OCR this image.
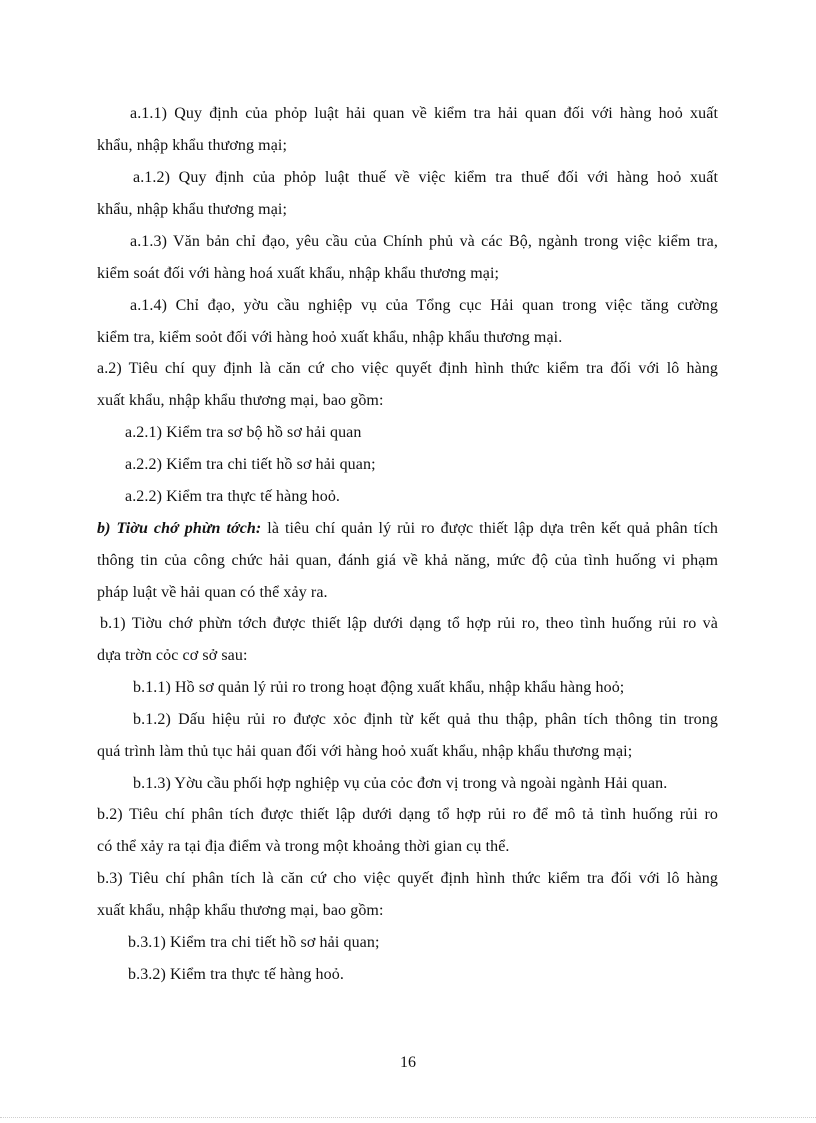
a.1.1) Quy định của phỏp luật hải quan về kiểm tra hải quan đối với hàng hoỏ xuất
khẩu, nhập khẩu thương mại;
a.1.2) Quy định của phỏp luật thuế về việc kiểm tra thuế đối với hàng hoỏ xuất
khẩu, nhập khẩu thương mại;
a.1.3) Văn bản chỉ đạo, yêu cầu của Chính phủ và các Bộ, ngành trong việc kiểm tra,
kiểm soát đối với hàng hoá xuất khẩu, nhập khẩu thương mại;
a.1.4) Chỉ đạo, yờu cầu nghiệp vụ của Tổng cục Hải quan trong việc tăng cường
kiểm tra, kiểm soỏt đối với hàng hoỏ xuất khẩu, nhập khẩu thương mại.
a.2) Tiêu chí quy định là căn cứ cho việc quyết định hình thức kiểm tra đối với lô hàng
xuất khẩu, nhập khẩu thương mại, bao gồm:
a.2.1) Kiểm tra sơ bộ hồ sơ hải quan
a.2.2) Kiểm tra chi tiết hồ sơ hải quan;
a.2.2) Kiểm tra thực tế hàng hoỏ.
b) Tiờu chớ phừn tớch: là tiêu chí quản lý rủi ro được thiết lập dựa trên kết quả phân tích
thông tin của công chức hải quan, đánh giá về khả năng, mức độ của tình huống vi phạm
pháp luật về hải quan có thể xảy ra.
b.1) Tiờu chớ phừn tớch được thiết lập dưới dạng tổ hợp rủi ro, theo tình huống rủi ro và
dựa trờn cỏc cơ sở sau:
b.1.1) Hồ sơ quản lý rủi ro trong hoạt động xuất khẩu, nhập khẩu hàng hoỏ;
b.1.2) Dấu hiệu rủi ro được xỏc định từ kết quả thu thập, phân tích thông tin trong
quá trình làm thủ tục hải quan đối với hàng hoỏ xuất khẩu, nhập khẩu thương mại;
b.1.3) Yờu cầu phối hợp nghiệp vụ của cỏc đơn vị trong và ngoài ngành Hải quan.
b.2) Tiêu chí phân tích được thiết lập dưới dạng tổ hợp rủi ro để mô tả tình huống rủi ro
có thể xảy ra tại địa điểm và trong một khoảng thời gian cụ thể.
b.3) Tiêu chí phân tích là căn cứ cho việc quyết định hình thức kiểm tra đối với lô hàng
xuất khẩu, nhập khẩu thương mại, bao gồm:
b.3.1) Kiểm tra chi tiết hồ sơ hải quan;
b.3.2) Kiểm tra thực tế hàng hoỏ.
16
